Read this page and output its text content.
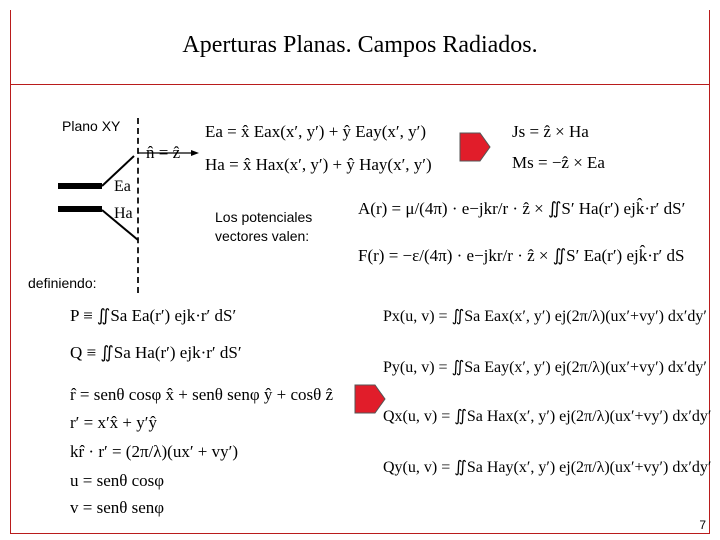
Aperturas Planas. Campos Radiados.
Plano XY
definiendo:
n̂ = ẑ
Ea
Ha
Ea = x̂ Eax(x′, y′) + ŷ Eay(x′, y′)
Ha = x̂ Hax(x′, y′) + ŷ Hay(x′, y′)
Js = ẑ × Ha
Ms = −ẑ × Ea
Los potenciales
vectores valen:
A(r) = μ/(4π) · e−jkr/r · ẑ × ∬S′ Ha(r′) ejk̂·r′ dS′
F(r) = −ε/(4π) · e−jkr/r · ẑ × ∬S′ Ea(r′) ejk̂·r′ dS
P ≡ ∬Sa Ea(r′) ejk·r′ dS′
Q ≡ ∬Sa Ha(r′) ejk·r′ dS′
r̂ = senθ cosφ x̂ + senθ senφ ŷ + cosθ ẑ
r′ = x′x̂ + y′ŷ
kr̂ · r′ = (2π/λ)(ux′ + vy′)
u = senθ cosφ
v = senθ senφ
Px(u, v) = ∬Sa Eax(x′, y′) ej(2π/λ)(ux′+vy′) dx′dy′
Py(u, v) = ∬Sa Eay(x′, y′) ej(2π/λ)(ux′+vy′) dx′dy′
Qx(u, v) = ∬Sa Hax(x′, y′) ej(2π/λ)(ux′+vy′) dx′dy′
Qy(u, v) = ∬Sa Hay(x′, y′) ej(2π/λ)(ux′+vy′) dx′dy′
7
